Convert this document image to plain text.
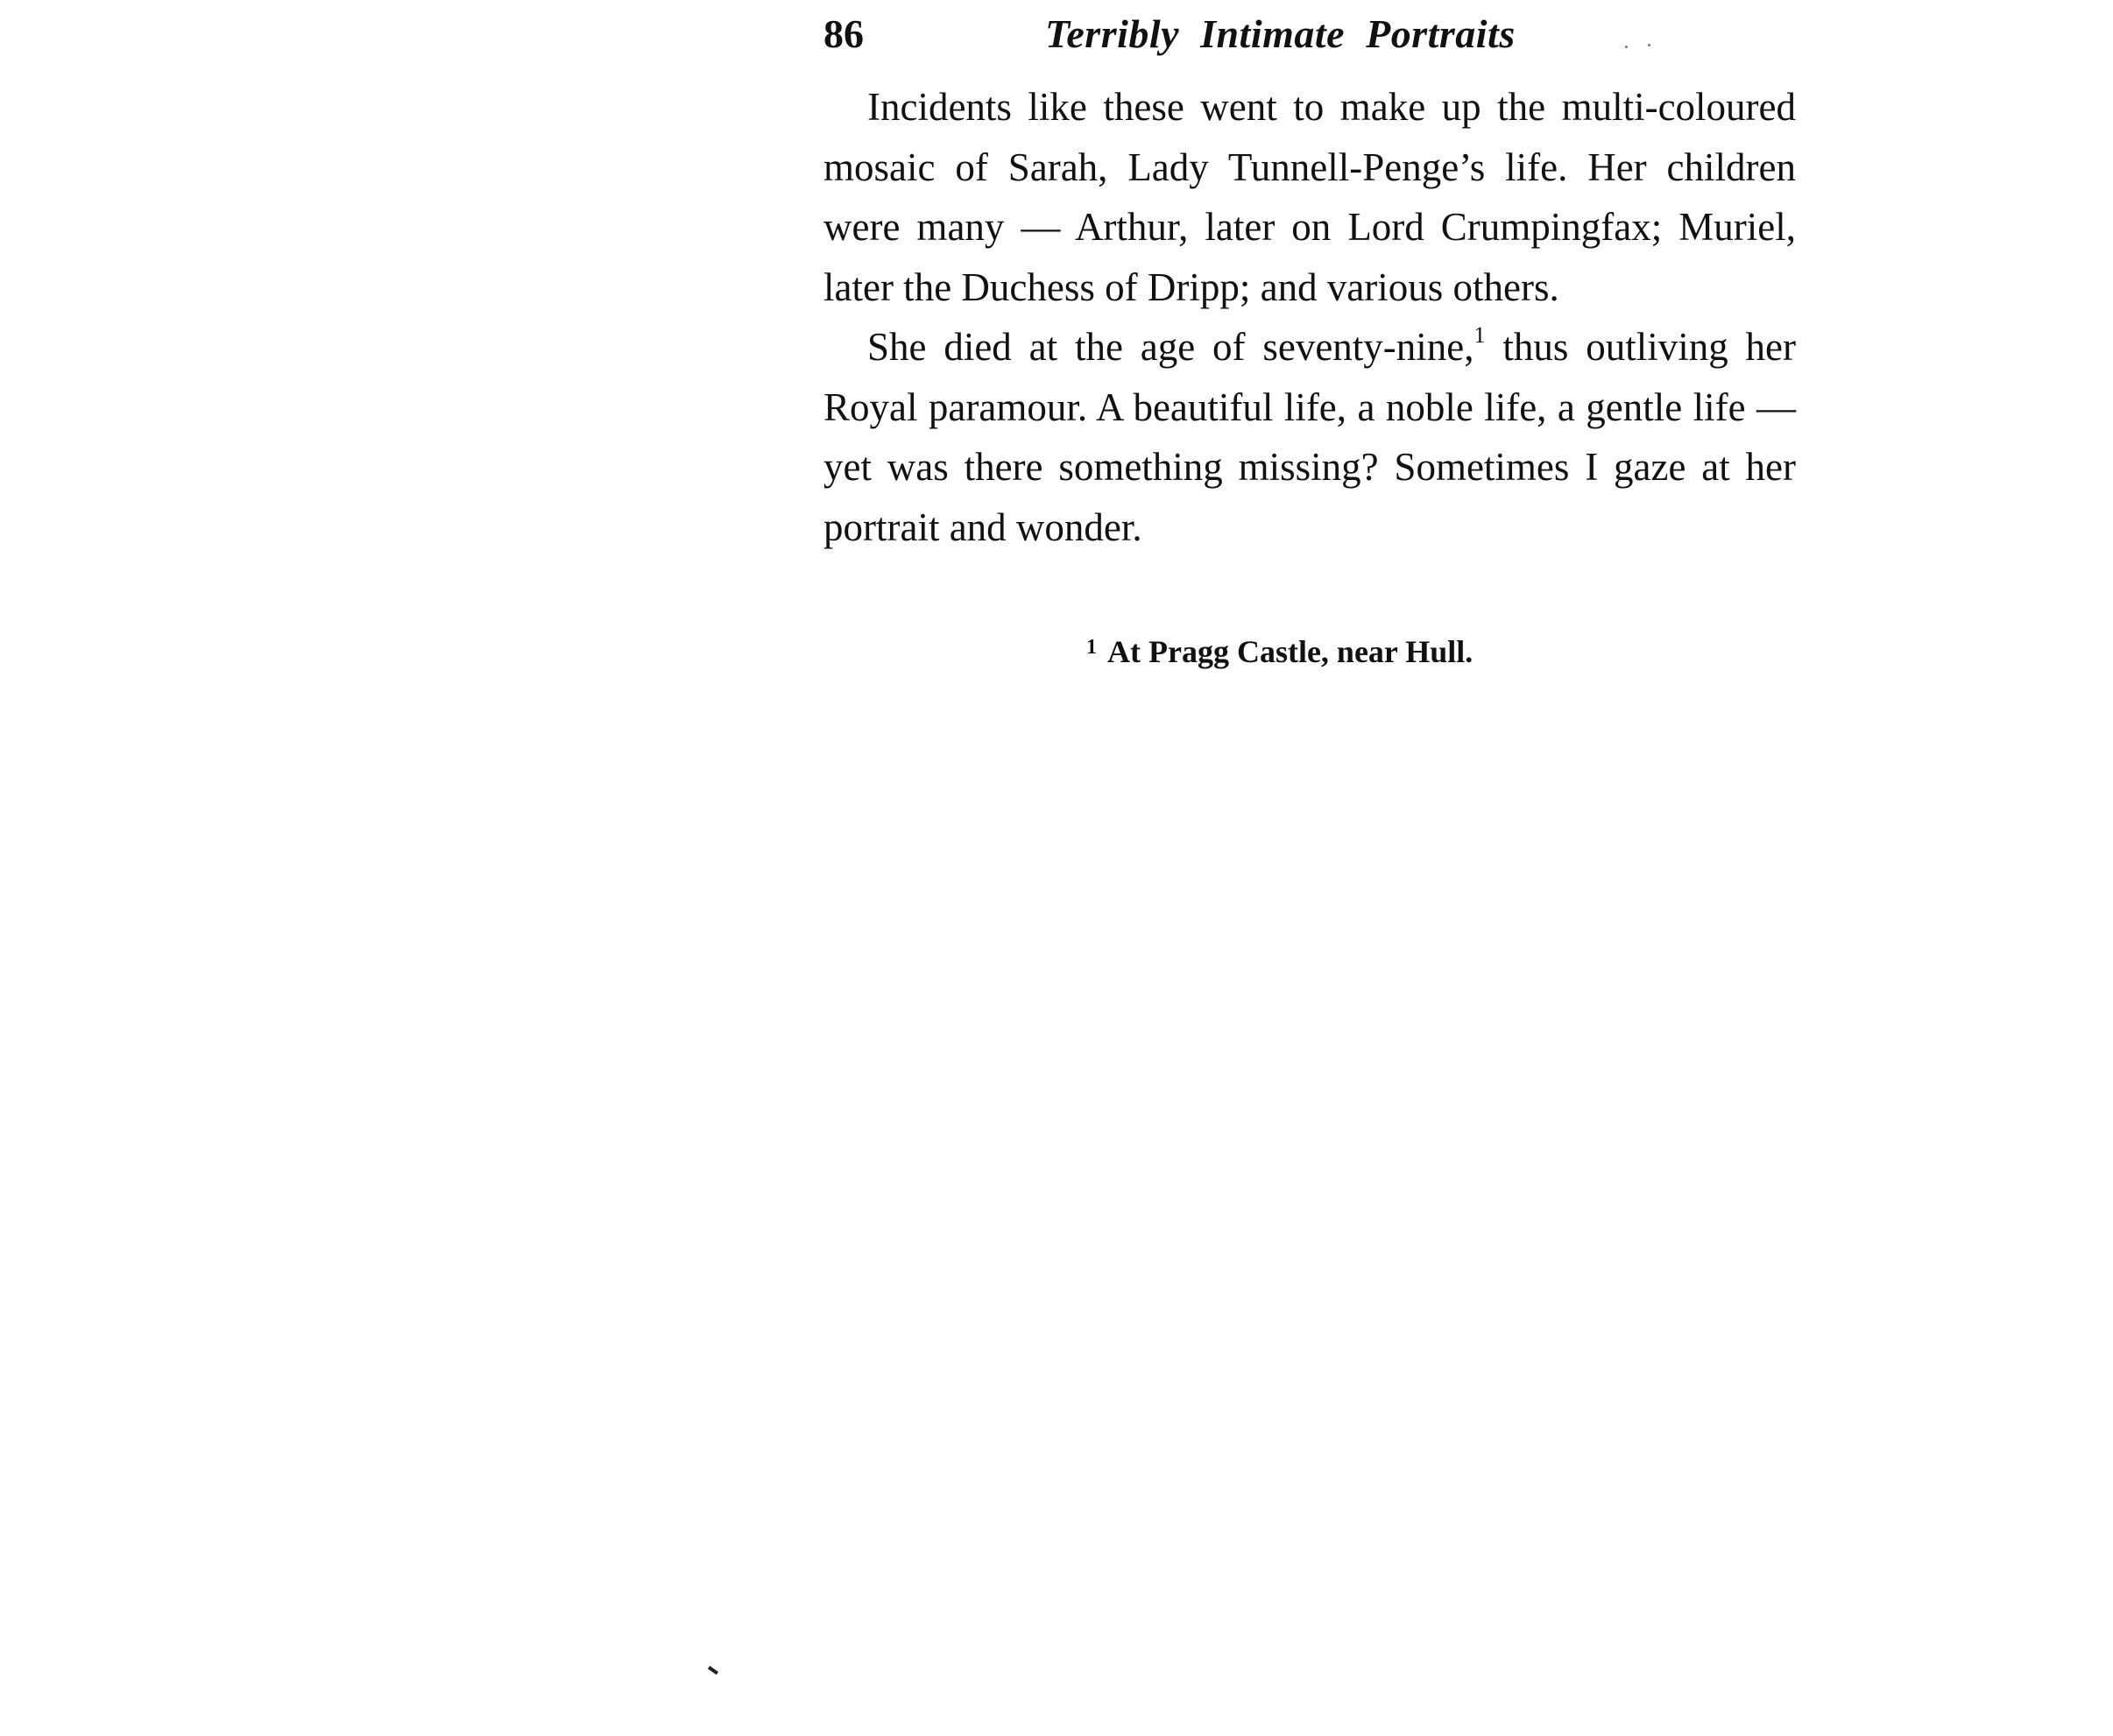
86	Terribly Intimate Portraits

Incidents like these went to make up the multi-coloured mosaic of Sarah, Lady Tunnell-Penge’s life. Her children were many — Arthur, later on Lord Crumpingfax; Muriel, later the Duchess of Dripp; and various others.

She died at the age of seventy-nine,$^1$ thus outliving her Royal paramour. A beautiful life, a noble life, a gentle life — yet was there something missing? Sometimes I gaze at her portrait and wonder.

$^1$ At Pragg Castle, near Hull.
